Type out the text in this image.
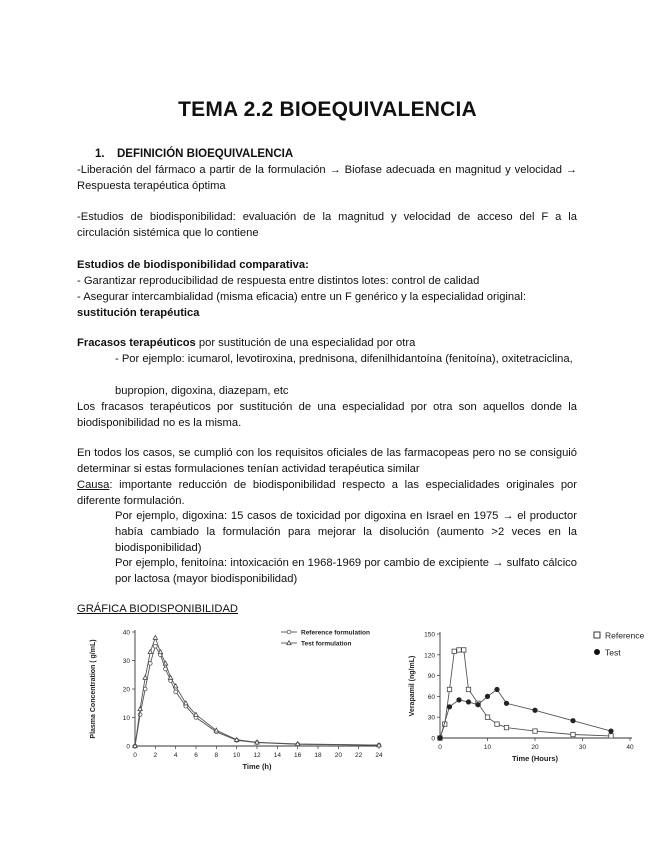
TEMA 2.2 BIOEQUIVALENCIA
1. DEFINICIÓN BIOEQUIVALENCIA
-Liberación del fármaco a partir de la formulación → Biofase adecuada en magnitud y velocidad → Respuesta terapéutica óptima
-Estudios de biodisponibilidad: evaluación de la magnitud y velocidad de acceso del F a la circulación sistémica que lo contiene
Estudios de biodisponibilidad comparativa:
- Garantizar reproducibilidad de respuesta entre distintos lotes: control de calidad
- Asegurar intercambialidad (misma eficacia) entre un F genérico y la especialidad original:
sustitución terapéutica
Fracasos terapéuticos por sustitución de una especialidad por otra
- Por ejemplo: icumarol, levotiroxina, prednisona, difenilhidantoína (fenitoína), oxitetraciclina,
bupropion, digoxina, diazepam, etc
Los fracasos terapéuticos por sustitución de una especialidad por otra son aquellos donde la biodisponibilidad no es la misma.
En todos los casos, se cumplió con los requisitos oficiales de las farmacopeas pero no se consiguió determinar si estas formulaciones tenían actividad terapéutica similar
Causa: importante reducción de biodisponibilidad respecto a las especialidades originales por diferente formulación.
Por ejemplo, digoxina: 15 casos de toxicidad por digoxina en Israel en 1975 → el productor había cambiado la formulación para mejorar la disolución (aumento >2 veces en la biodisponibilidad)
Por ejemplo, fenitoína: intoxicación en 1968-1969 por cambio de excipiente → sulfato cálcico por lactosa (mayor biodisponibilidad)
GRÁFICA BIODISPONIBILIDAD
0	2	4	6	8 10 12 14 16 18 20 22 24
0
10
20
30
40
Time (h)
Plasma Concentration ( g/mL)
Reference formulation
Test formulation
0	10	20	30	40
0
30
60
90
120
150
Time (Hours)
Verapamil (ng/mL)
Reference
Test
